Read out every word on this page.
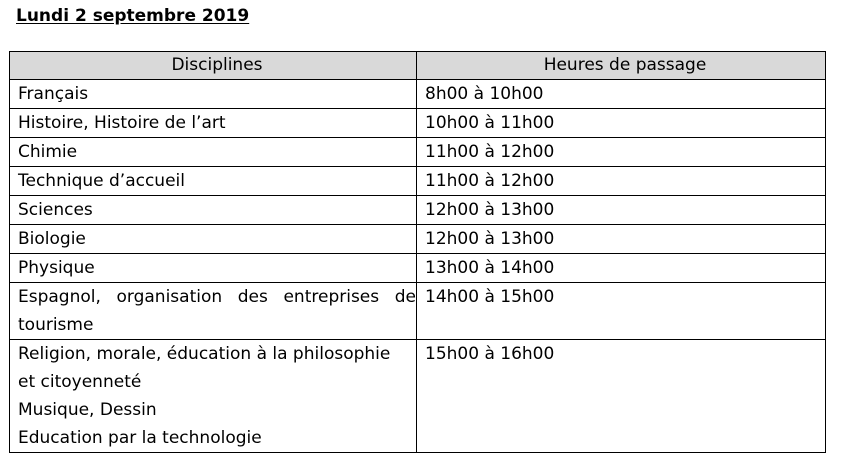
Lundi 2 septembre 2019
Disciplines	Heures de passage

Français	8h00 à 10h00

Histoire, Histoire de l’art	10h00 à 11h00

Chimie	11h00 à 12h00

Technique d’accueil	11h00 à 12h00

Sciences	12h00 à 13h00

Biologie	12h00 à 13h00

Physique	13h00 à 14h00

Espagnol, organisation des entreprises de
tourisme	14h00 à 15h00

Religion, morale, éducation à la philosophie
et citoyenneté
Musique, Dessin
Education par la technologie	15h00 à 16h00
